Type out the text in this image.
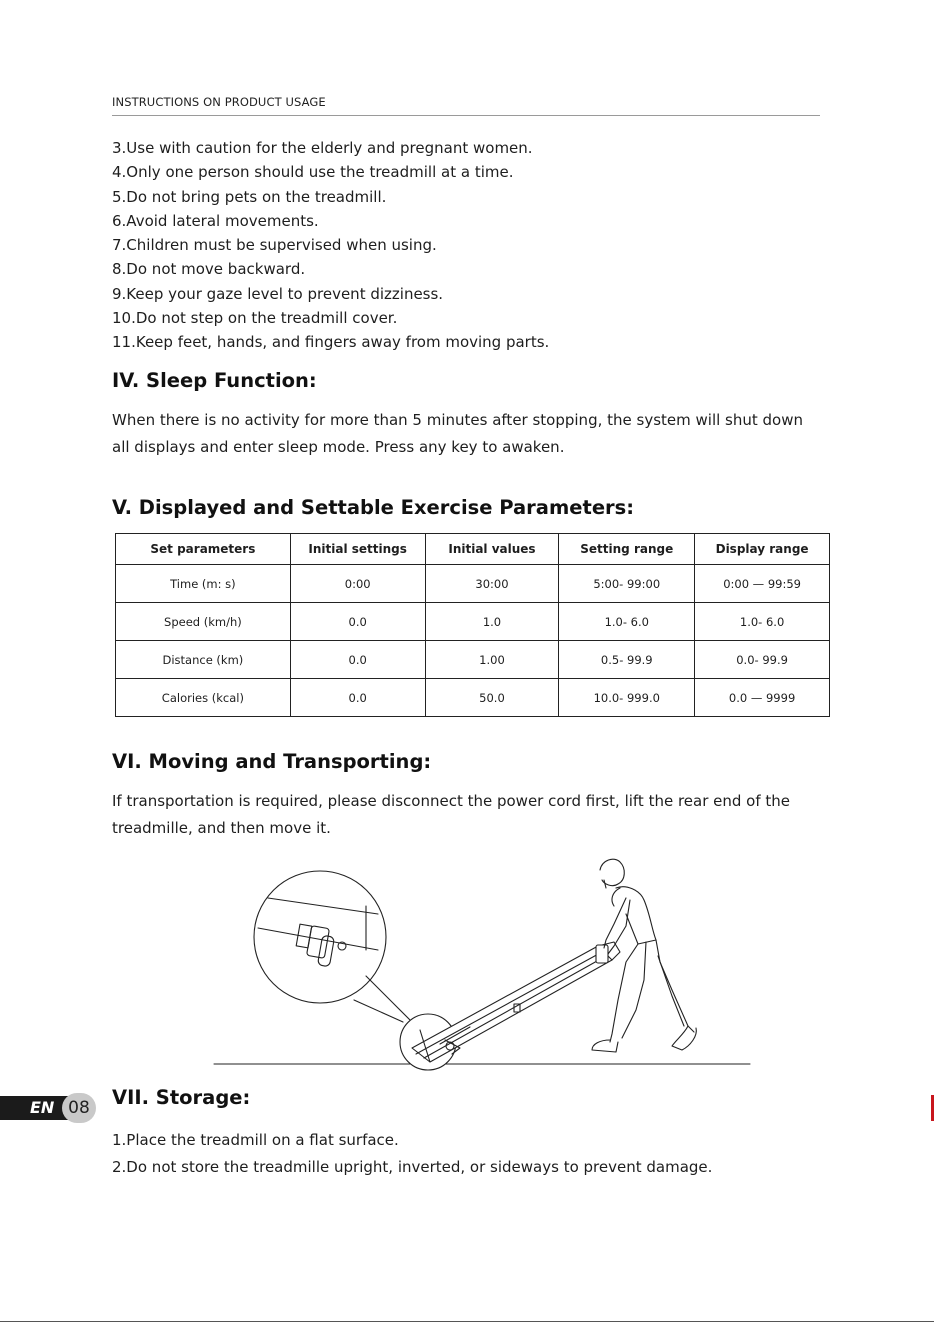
INSTRUCTIONS ON PRODUCT USAGE
3.Use with caution for the elderly and pregnant women.
4.Only one person should use the treadmill at a time.
5.Do not bring pets on the treadmill.
6.Avoid lateral movements.
7.Children must be supervised when using.
8.Do not move backward.
9.Keep your gaze level to prevent dizziness.
10.Do not step on the treadmill cover.
11.Keep feet, hands, and fingers away from moving parts.
IV. Sleep Function:

When there is no activity for more than 5 minutes after stopping, the system will shut down all displays and enter sleep mode. Press any key to awaken.

V. Displayed and Settable Exercise Parameters:
Set parameters	Initial settings	Initial values	Setting range	Display range
Time (m: s)	0:00	30:00	5:00- 99:00	0:00 — 99:59
Speed (km/h)	0.0	1.0	1.0- 6.0	1.0- 6.0
Distance (km)	0.0	1.00	0.5- 99.9	0.0- 99.9
Calories (kcal)	0.0	50.0	10.0- 999.0	0.0 — 9999
VI. Moving and Transporting:

If transportation is required, please disconnect the power cord first, lift the rear end of the treadmille, and then move it.

EN 08	VII. Storage:
1.Place the treadmill on a flat surface.
2.Do not store the treadmille upright, inverted, or sideways to prevent damage.
